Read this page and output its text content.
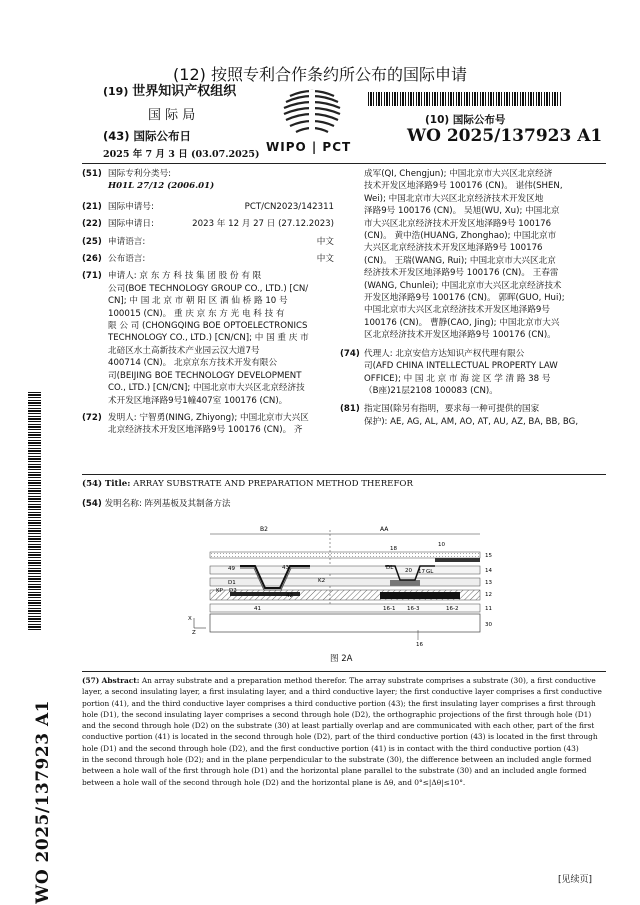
(12) 按照专利合作条约所公布的国际申请
(19) 世界知识产权组织
国 际 局
(43) 国际公布日
2025 年 7 月 3 日 (03.07.2025)
WIPO | PCT
(10) 国际公布号
WO 2025/137923 A1
WO 2025/137923 A1
(51) 国际专利分类号:
H01L 27/12 (2006.01)
(21) 国际申请号:	PCT/CN2023/142311
(22) 国际申请日:	2023 年 12 月 27 日 (27.12.2023)
(25) 申请语言:	中文
(26) 公布语言:	中文
(71) 申请人: 京 东 方 科 技 集 团 股 份 有 限
公司(BOE TECHNOLOGY GROUP CO., LTD.) [CN/
CN]; 中 国 北 京 市 朝 阳 区 酒 仙 桥 路 10 号
100015 (CN)。 重 庆 京 东 方 光 电 科 技 有
限 公 司 (CHONGQING BOE OPTOELECTRONICS
TECHNOLOGY CO., LTD.) [CN/CN]; 中 国 重 庆 市
北碚区水土高新技术产业园云汉大道7号
400714 (CN)。 北京京东方技术开发有限公
司(BEIJING BOE TECHNOLOGY DEVELOPMENT
CO., LTD.) [CN/CN]; 中国北京市大兴区北京经济技
术开发区地泽路9号1幢407室 100176 (CN)。
(72) 发明人: 宁智勇(NING, Zhiyong); 中国北京市大兴区
北京经济技术开发区地泽路9号 100176 (CN)。 齐
成军(QI, Chengjun); 中国北京市大兴区北京经济
技术开发区地泽路9号 100176 (CN)。 谌伟(SHEN,
Wei); 中国北京市大兴区北京经济技术开发区地
泽路9号 100176 (CN)。 吴旭(WU, Xu); 中国北京
市大兴区北京经济技术开发区地泽路9号 100176
(CN)。 黄中浩(HUANG, Zhonghao); 中国北京市
大兴区北京经济技术开发区地泽路9号 100176
(CN)。 王瑞(WANG, Rui); 中国北京市大兴区北京
经济技术开发区地泽路9号 100176 (CN)。 王春雷
(WANG, Chunlei); 中国北京市大兴区北京经济技术
开发区地泽路9号 100176 (CN)。 郭晖(GUO, Hui);
中国北京市大兴区北京经济技术开发区地泽路9号
100176 (CN)。 曹静(CAO, Jing); 中国北京市大兴
区北京经济技术开发区地泽路9号 100176 (CN)。
(74) 代理人: 北京安信方达知识产权代理有限公
司(AFD CHINA INTELLECTUAL PROPERTY LAW
OFFICE); 中 国 北 京 市 海 淀 区 学 清 路 38 号
（B座)21层2108 100083 (CN)。
(81) 指定国(除另有指明，要求每一种可提供的国家
保护): AE, AG, AL, AM, AO, AT, AU, AZ, BA, BB, BG,
(54) Title: ARRAY SUBSTRATE AND PREPARATION METHOD THEREFOR
(54) 发明名称: 阵列基板及其制备方法
B2	AA
18
10
15
49	43	DL 20 17 GL	14
D1	K2	13
KP D2
42	12
41	16-1 16-3	16-2	11
30
X
Z
16
图 2A
(57) Abstract: An array substrate and a preparation method therefor. The array substrate comprises a substrate (30), a first conductive
layer, a second insulating layer, a first insulating layer, and a third conductive layer; the first conductive layer comprises a first conductive
portion (41), and the third conductive layer comprises a third conductive portion (43); the first insulating layer comprises a first through
hole (D1), the second insulating layer comprises a second through hole (D2), the orthographic projections of the first through hole (D1)
and the second through hole (D2) on the substrate (30) at least partially overlap and are communicated with each other, part of the first
conductive portion (41) is located in the second through hole (D2), part of the third conductive portion (43) is located in the first through
hole (D1) and the second through hole (D2), and the first conductive portion (41) is in contact with the third conductive portion (43)
in the second through hole (D2); and in the plane perpendicular to the substrate (30), the difference between an included angle formed
between a hole wall of the first through hole (D1) and the horizontal plane parallel to the substrate (30) and an included angle formed
between a hole wall of the second through hole (D2) and the horizontal plane is Δθ, and 0°≤|Δθ|≤10°.
[见续页]
